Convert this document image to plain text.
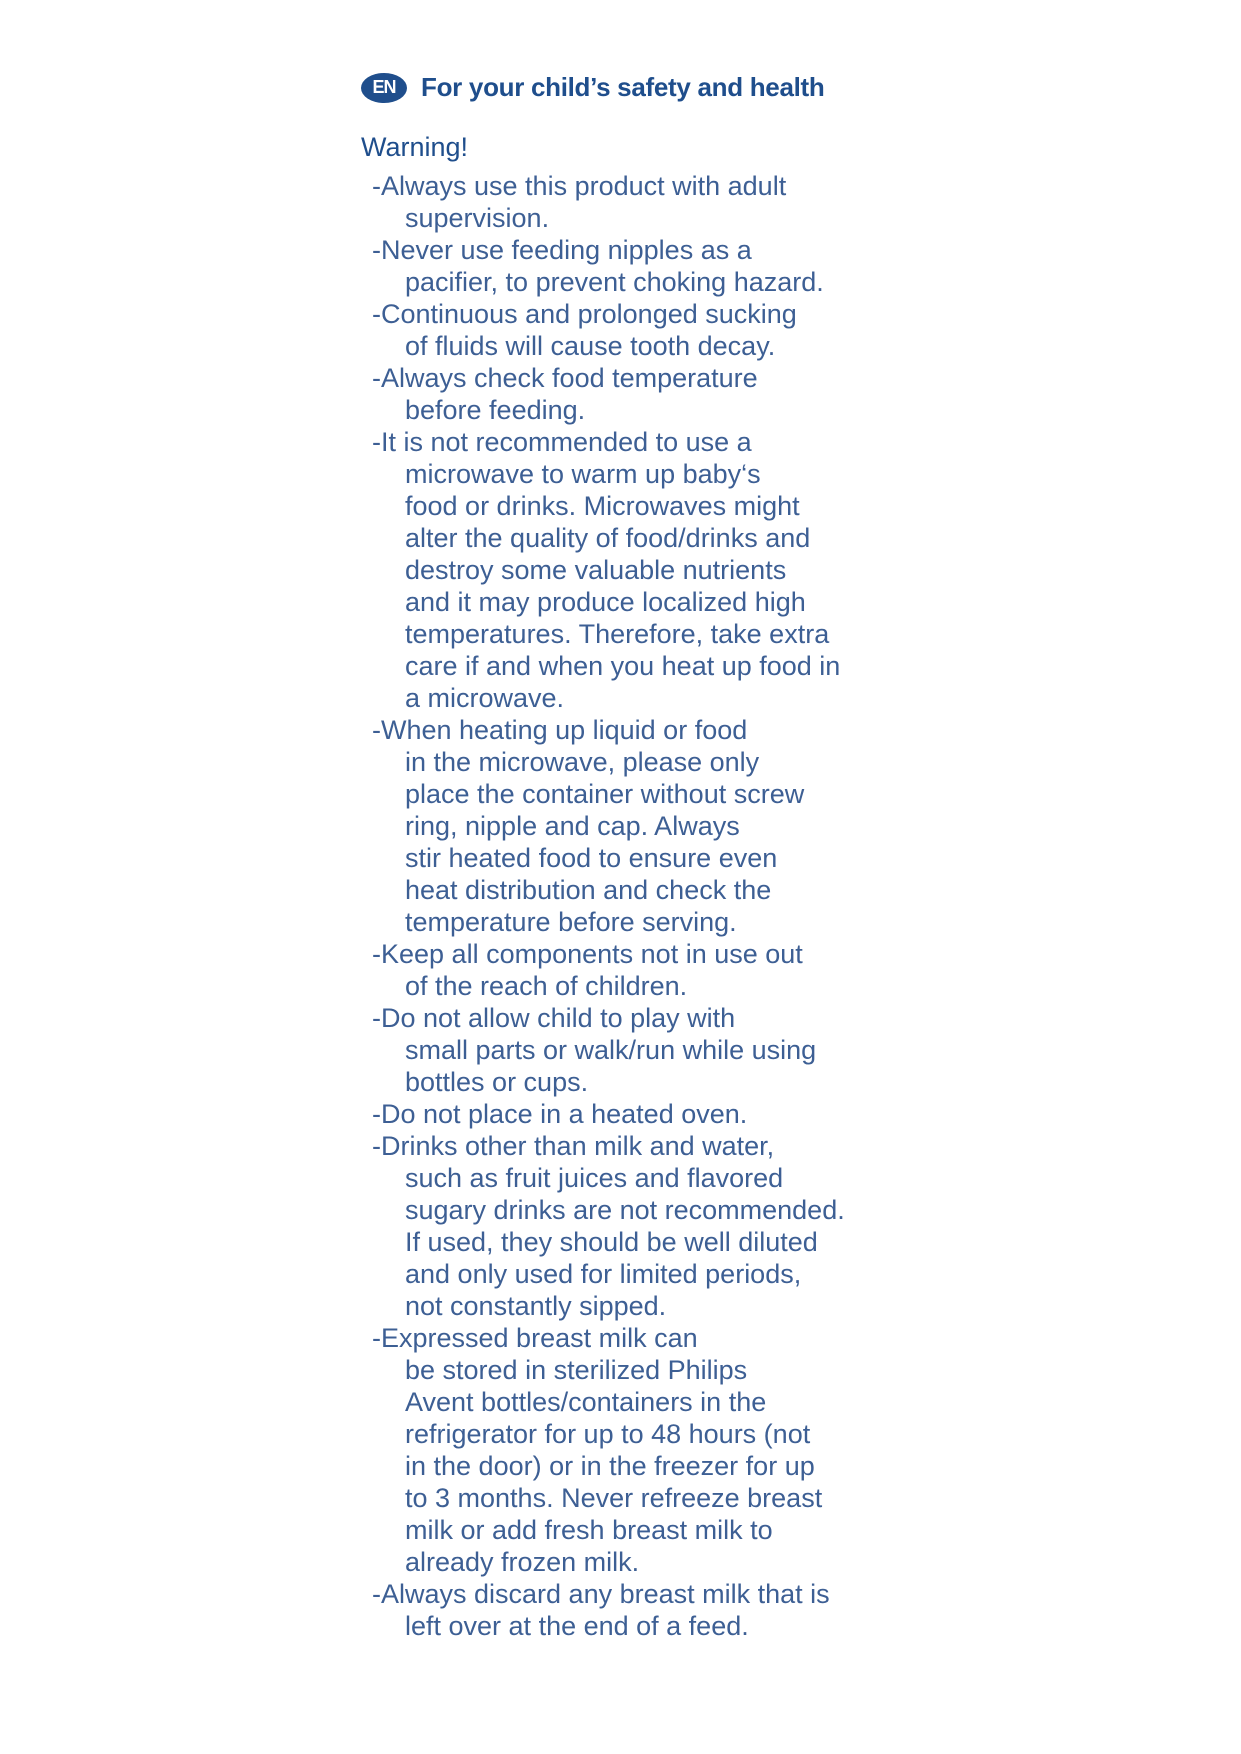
EN For your child’s safety and health
Warning!
-Always use this product with adult
supervision.
-Never use feeding nipples as a
pacifier, to prevent choking hazard.
-Continuous and prolonged sucking
of fluids will cause tooth decay.
-Always check food temperature
before feeding.
-It is not recommended to use a
microwave to warm up baby‘s
food or drinks. Microwaves might
alter the quality of food/drinks and
destroy some valuable nutrients
and it may produce localized high
temperatures. Therefore, take extra
care if and when you heat up food in
a microwave.
-When heating up liquid or food
in the microwave, please only
place the container without screw
ring, nipple and cap. Always
stir heated food to ensure even
heat distribution and check the
temperature before serving.
-Keep all components not in use out
of the reach of children.
-Do not allow child to play with
small parts or walk/run while using
bottles or cups.
-Do not place in a heated oven.
-Drinks other than milk and water,
such as fruit juices and flavored
sugary drinks are not recommended.
If used, they should be well diluted
and only used for limited periods,
not constantly sipped.
-Expressed breast milk can
be stored in sterilized Philips
Avent bottles/containers in the
refrigerator for up to 48 hours (not
in the door) or in the freezer for up
to 3 months. Never refreeze breast
milk or add fresh breast milk to
already frozen milk.
-Always discard any breast milk that is
left over at the end of a feed.
